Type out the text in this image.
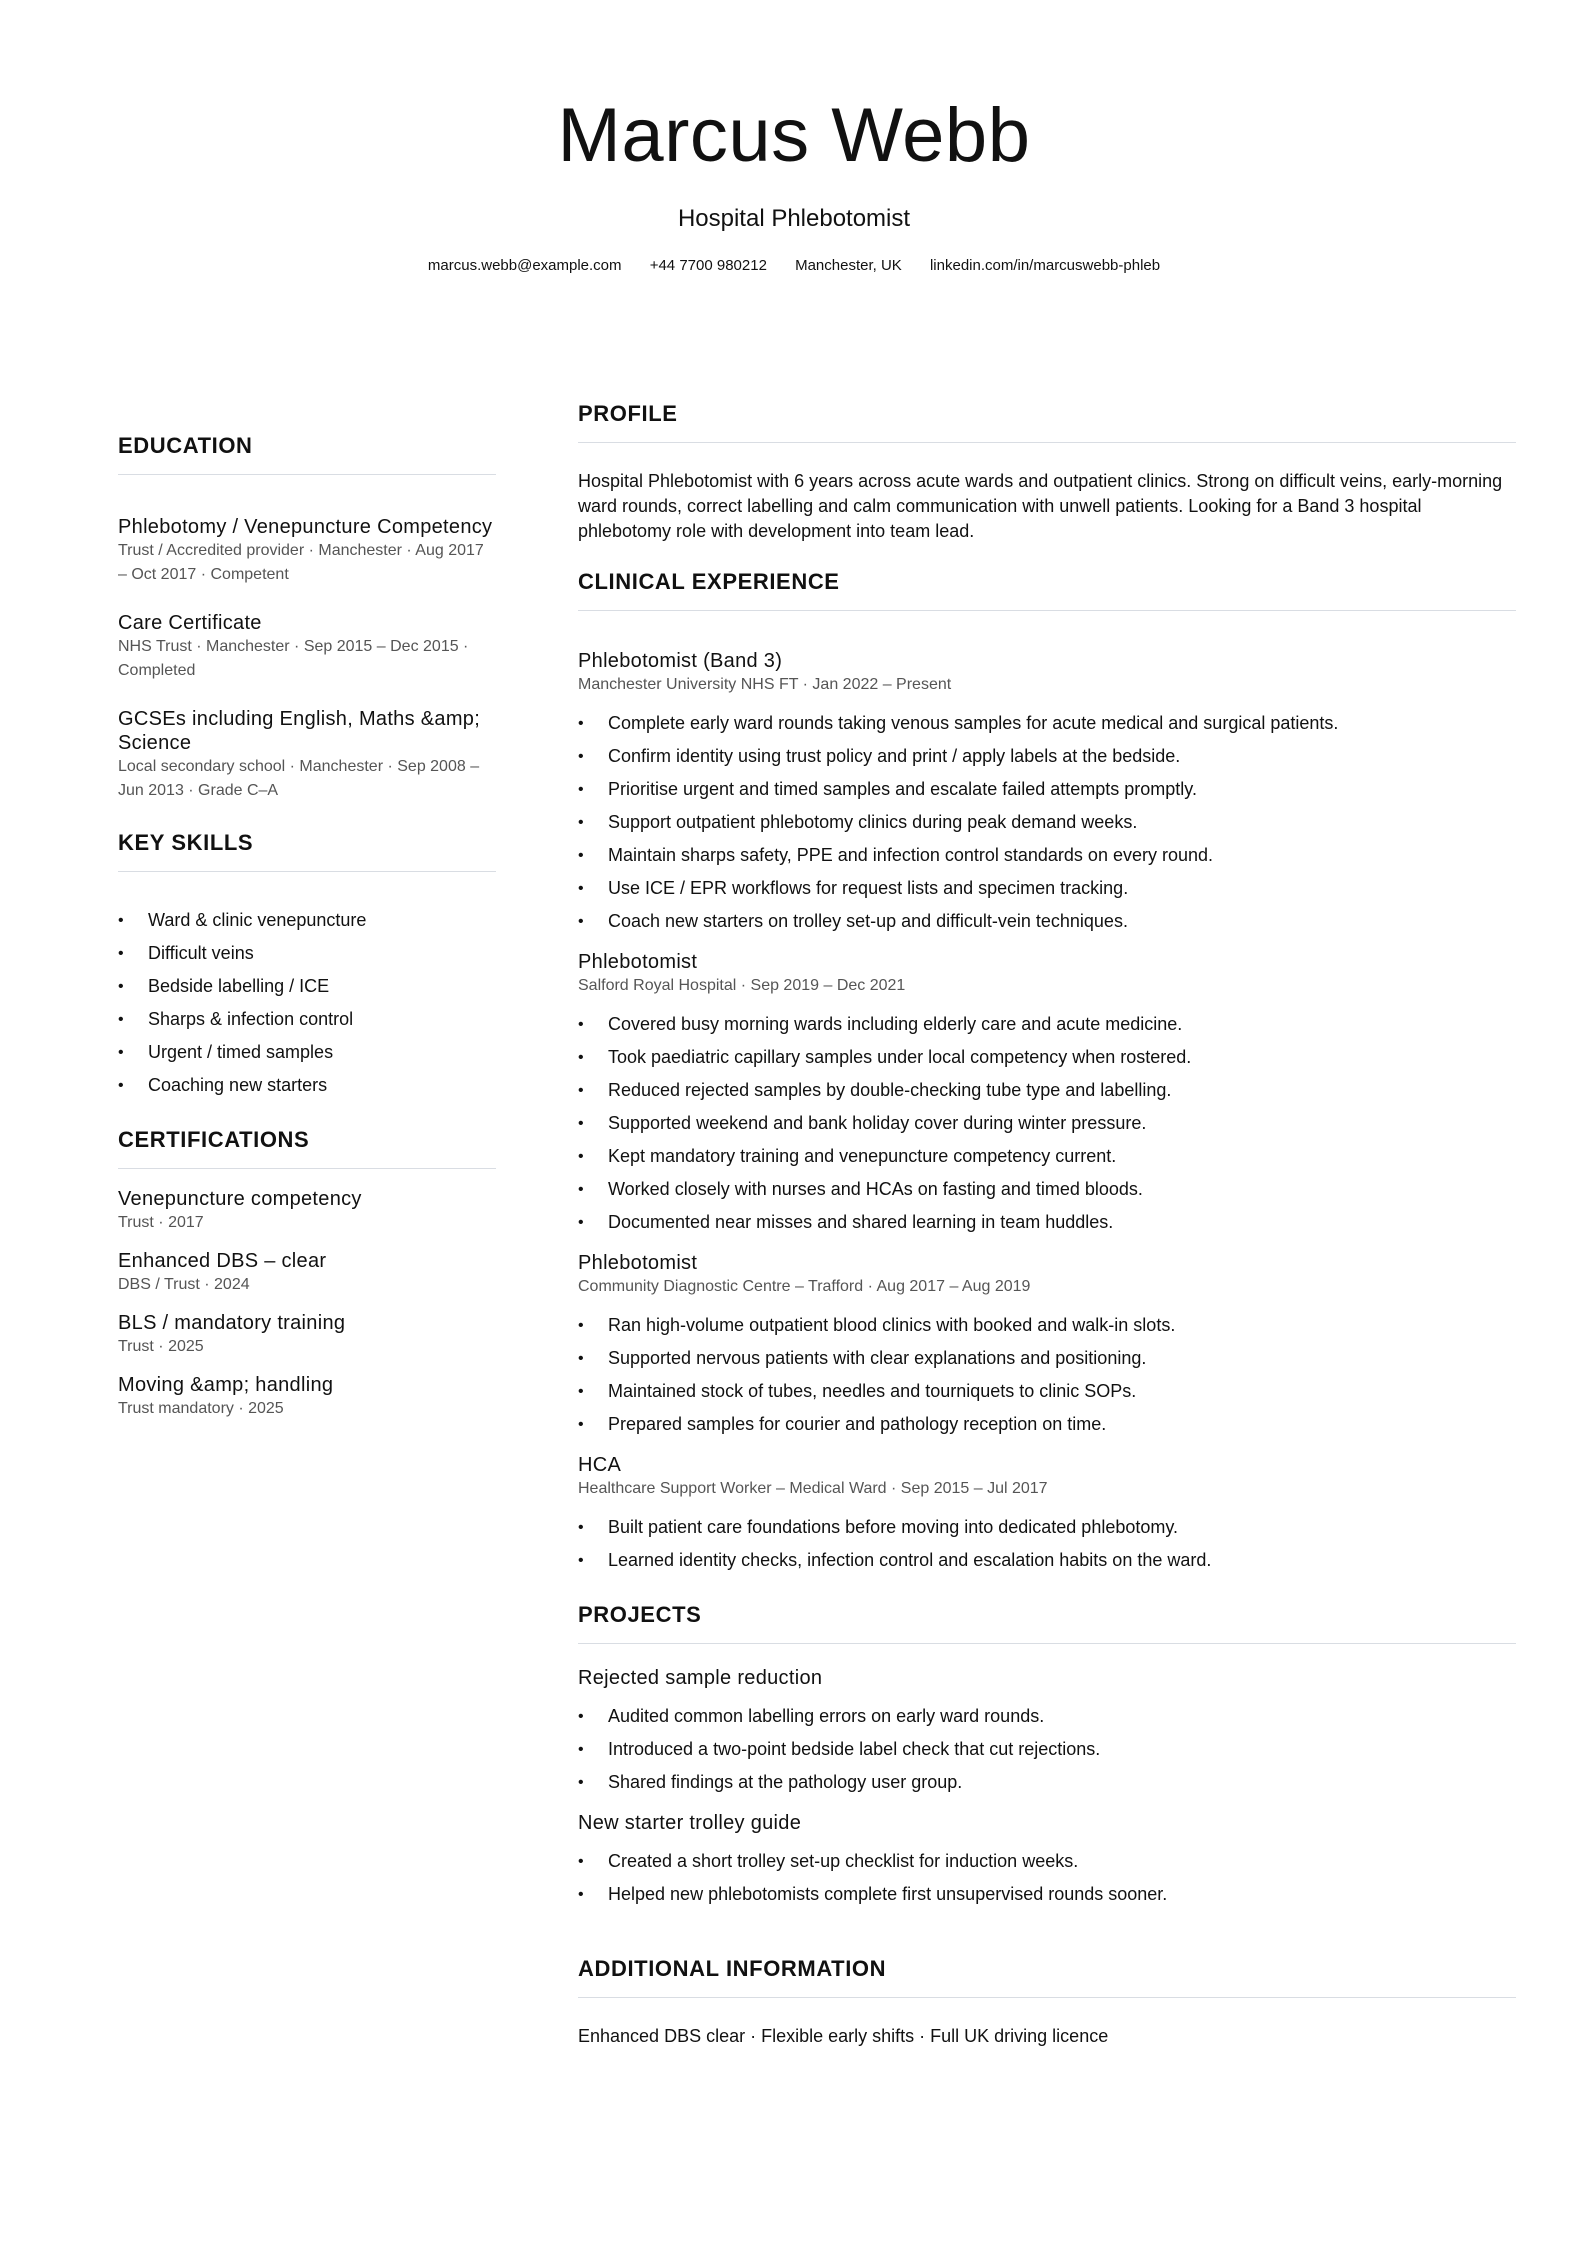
Marcus Webb
Hospital Phlebotomist
marcus.webb@example.com +44 7700 980212 Manchester, UK linkedin.com/in/marcuswebb-phleb
EDUCATION
Phlebotomy / Venepuncture Competency
Trust / Accredited provider · Manchester · Aug 2017 – Oct 2017 · Competent
Care Certificate
NHS Trust · Manchester · Sep 2015 – Dec 2015 · Completed
GCSEs including English, Maths &amp; Science
Local secondary school · Manchester · Sep 2008 – Jun 2013 · Grade C–A
KEY SKILLS
• Ward & clinic venepuncture
• Difficult veins
• Bedside labelling / ICE
• Sharps & infection control
• Urgent / timed samples
• Coaching new starters
CERTIFICATIONS
Venepuncture competency
Trust · 2017
Enhanced DBS – clear
DBS / Trust · 2024
BLS / mandatory training
Trust · 2025
Moving &amp; handling
Trust mandatory · 2025
PROFILE
Hospital Phlebotomist with 6 years across acute wards and outpatient clinics. Strong on difficult veins, early-morning ward rounds, correct labelling and calm communication with unwell patients. Looking for a Band 3 hospital phlebotomy role with development into team lead.
CLINICAL EXPERIENCE
Phlebotomist (Band 3)
Manchester University NHS FT · Jan 2022 – Present
• Complete early ward rounds taking venous samples for acute medical and surgical patients.
• Confirm identity using trust policy and print / apply labels at the bedside.
• Prioritise urgent and timed samples and escalate failed attempts promptly.
• Support outpatient phlebotomy clinics during peak demand weeks.
• Maintain sharps safety, PPE and infection control standards on every round.
• Use ICE / EPR workflows for request lists and specimen tracking.
• Coach new starters on trolley set-up and difficult-vein techniques.
Phlebotomist
Salford Royal Hospital · Sep 2019 – Dec 2021
• Covered busy morning wards including elderly care and acute medicine.
• Took paediatric capillary samples under local competency when rostered.
• Reduced rejected samples by double-checking tube type and labelling.
• Supported weekend and bank holiday cover during winter pressure.
• Kept mandatory training and venepuncture competency current.
• Worked closely with nurses and HCAs on fasting and timed bloods.
• Documented near misses and shared learning in team huddles.
Phlebotomist
Community Diagnostic Centre – Trafford · Aug 2017 – Aug 2019
• Ran high-volume outpatient blood clinics with booked and walk-in slots.
• Supported nervous patients with clear explanations and positioning.
• Maintained stock of tubes, needles and tourniquets to clinic SOPs.
• Prepared samples for courier and pathology reception on time.
HCA
Healthcare Support Worker – Medical Ward · Sep 2015 – Jul 2017
• Built patient care foundations before moving into dedicated phlebotomy.
• Learned identity checks, infection control and escalation habits on the ward.
PROJECTS
Rejected sample reduction
• Audited common labelling errors on early ward rounds.
• Introduced a two-point bedside label check that cut rejections.
• Shared findings at the pathology user group.
New starter trolley guide
• Created a short trolley set-up checklist for induction weeks.
• Helped new phlebotomists complete first unsupervised rounds sooner.
ADDITIONAL INFORMATION
Enhanced DBS clear · Flexible early shifts · Full UK driving licence
